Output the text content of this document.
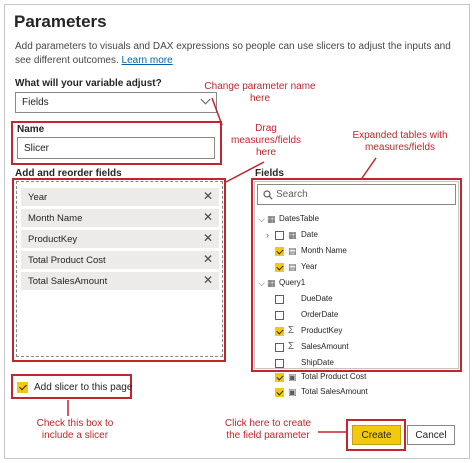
Parameters
Add parameters to visuals and DAX expressions so people can use slicers to adjust the inputs and see different outcomes. Learn more
What will your variable adjust?
Fields
Name
Slicer
Add and reorder fields
Year	✕
Month Name	✕
ProductKey	✕
Total Product Cost	✕
Total SalesAmount	✕
Fields
Search
⌵ ▦ DatesTable
› ▦ Date
▤ Month Name
▤ Year
⌵ ▦ Query1
DueDate
OrderDate
Σ ProductKey
Σ SalesAmount
ShipDate
▣ Total Product Cost
▣ Total SalesAmount
Add slicer to this page
Create	Cancel
Change parameter name here
Drag measures/fields here
Expanded tables with measures/fields
Check this box to include a slicer
Click here to create the field parameter
